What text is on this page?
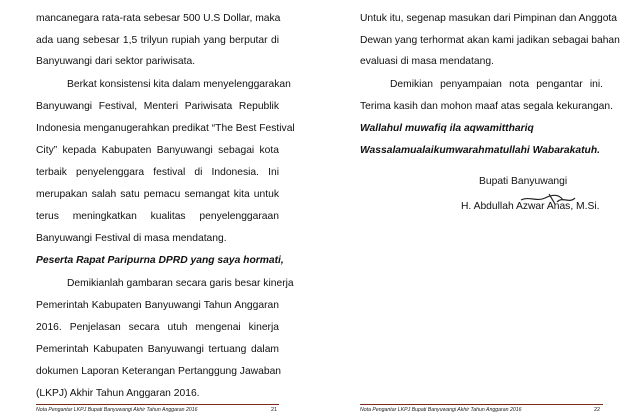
mancanegara rata-rata sebesar 500 U.S Dollar, maka
ada uang sebesar 1,5 trilyun rupiah yang berputar di
Banyuwangi dari sektor pariwisata.
Berkat konsistensi kita dalam menyelenggarakan
Banyuwangi Festival, Menteri Pariwisata Republik
Indonesia menganugerahkan predikat “The Best Festival
City” kepada Kabupaten Banyuwangi sebagai kota
terbaik penyelenggara festival di Indonesia. Ini
merupakan salah satu pemacu semangat kita untuk
terus meningkatkan kualitas penyelenggaraan
Banyuwangi Festival di masa mendatang.
Peserta Rapat Paripurna DPRD yang saya hormati,
Demikianlah gambaran secara garis besar kinerja
Pemerintah Kabupaten Banyuwangi Tahun Anggaran
2016. Penjelasan secara utuh mengenai kinerja
Pemerintah Kabupaten Banyuwangi tertuang dalam
dokumen Laporan Keterangan Pertanggung Jawaban
(LKPJ) Akhir Tahun Anggaran 2016.
Nota Pengantar LKPJ Bupati Banyuwangi Akhir Tahun Anggaran 2016	21
Untuk itu, segenap masukan dari Pimpinan dan Anggota
Dewan yang terhormat akan kami jadikan sebagai bahan
evaluasi di masa mendatang.
Demikian penyampaian nota pengantar ini.
Terima kasih dan mohon maaf atas segala kekurangan.
Wallahul muwafiq ila aqwamitthariq
Wassalamualaikumwarahmatullahi Wabarakatuh.
Bupati Banyuwangi
H. Abdullah Azwar Anas, M.Si.
Nota Pengantar LKPJ Bupati Banyuwangi Akhir Tahun Anggaran 2016	22
